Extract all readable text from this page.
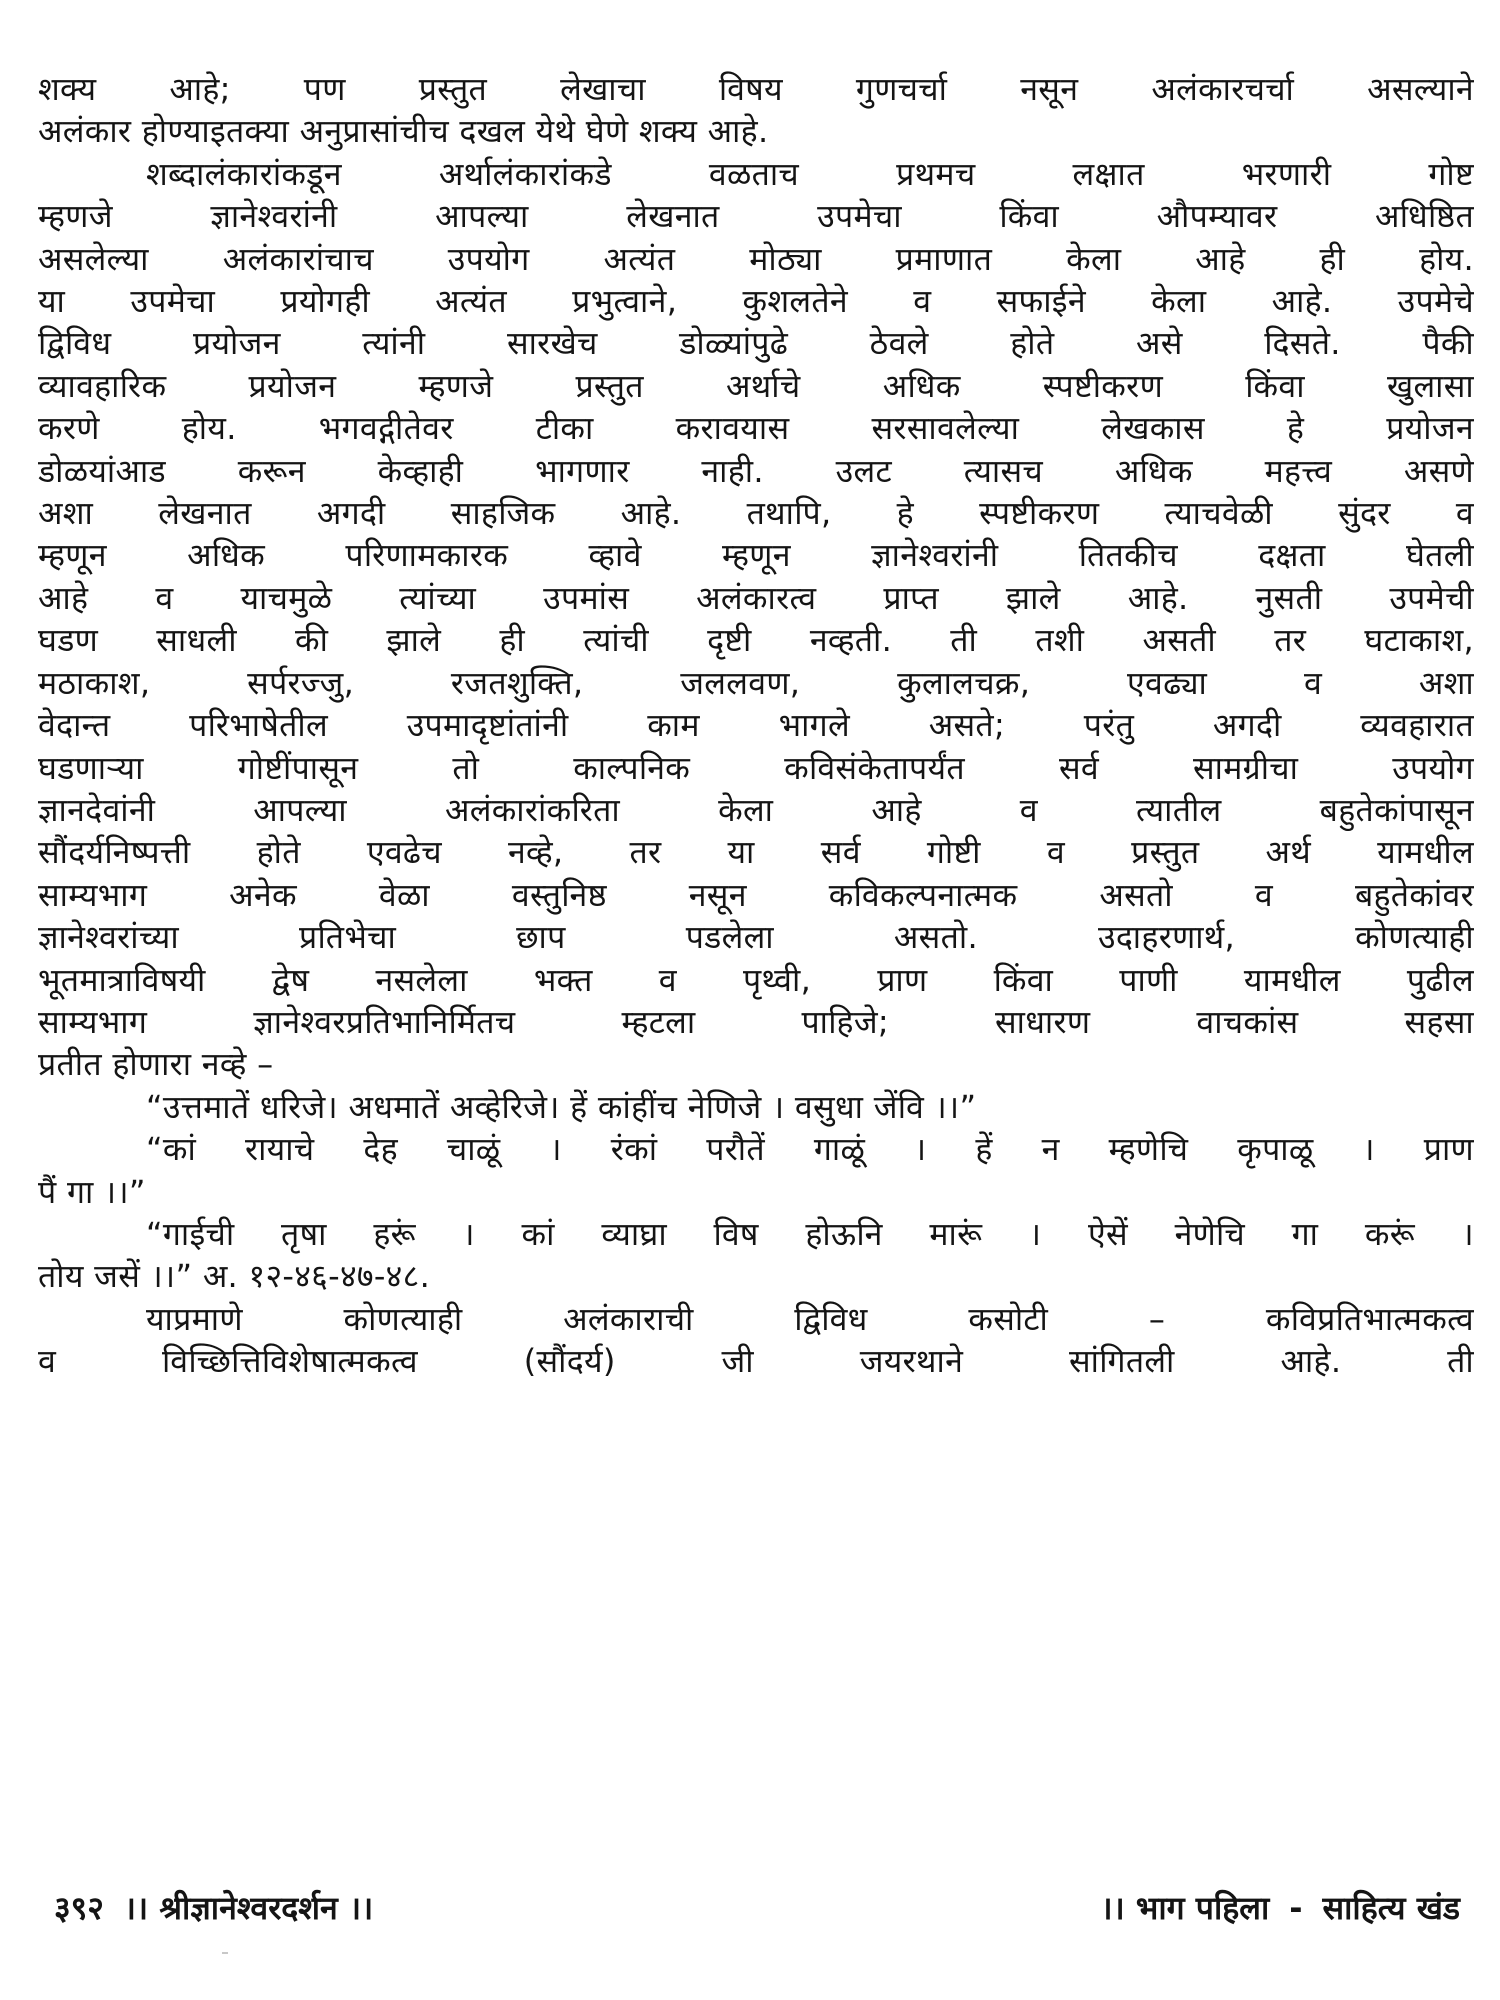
शक्य आहे; पण प्रस्तुत लेखाचा विषय गुणचर्चा नसून अलंकारचर्चा असल्याने
अलंकार होण्याइतक्या अनुप्रासांचीच दखल येथे घेणे शक्य आहे.
शब्दालंकारांकडून अर्थालंकारांकडे वळताच प्रथमच लक्षात भरणारी गोष्ट
म्हणजे ज्ञानेश्वरांनी आपल्या लेखनात उपमेचा किंवा औपम्यावर अधिष्ठित
असलेल्या अलंकारांचाच उपयोग अत्यंत मोठ्या प्रमाणात केला आहे ही होय.
या उपमेचा प्रयोगही अत्यंत प्रभुत्वाने, कुशलतेने व सफाईने केला आहे. उपमेचे
द्विविध प्रयोजन त्यांनी सारखेच डोळ्यांपुढे ठेवले होते असे दिसते. पैकी
व्यावहारिक प्रयोजन म्हणजे प्रस्तुत अर्थाचे अधिक स्पष्टीकरण किंवा खुलासा
करणे होय. भगवद्गीतेवर टीका करावयास सरसावलेल्या लेखकास हे प्रयोजन
डोळयांआड करून केव्हाही भागणार नाही. उलट त्यासच अधिक महत्त्व असणे
अशा लेखनात अगदी साहजिक आहे. तथापि, हे स्पष्टीकरण त्याचवेळी सुंदर व
म्हणून अधिक परिणामकारक व्हावे म्हणून ज्ञानेश्वरांनी तितकीच दक्षता घेतली
आहे व याचमुळे त्यांच्या उपमांस अलंकारत्व प्राप्त झाले आहे. नुसती उपमेची
घडण साधली की झाले ही त्यांची दृष्टी नव्हती. ती तशी असती तर घटाकाश,
मठाकाश, सर्परज्जु, रजतशुक्ति, जललवण, कुलालचक्र, एवढ्या व अशा
वेदान्त परिभाषेतील उपमादृष्टांतांनी काम भागले असते; परंतु अगदी व्यवहारात
घडणाऱ्या गोष्टींपासून तो काल्पनिक कविसंकेतापर्यंत सर्व सामग्रीचा उपयोग
ज्ञानदेवांनी आपल्या अलंकारांकरिता केला आहे व त्यातील बहुतेकांपासून
सौंदर्यनिष्पत्ती होते एवढेच नव्हे, तर या सर्व गोष्टी व प्रस्तुत अर्थ यामधील
साम्यभाग अनेक वेळा वस्तुनिष्ठ नसून कविकल्पनात्मक असतो व बहुतेकांवर
ज्ञानेश्वरांच्या प्रतिभेचा छाप पडलेला असतो. उदाहरणार्थ, कोणत्याही
भूतमात्राविषयी द्वेष नसलेला भक्त व पृथ्वी, प्राण किंवा पाणी यामधील पुढील
साम्यभाग ज्ञानेश्वरप्रतिभानिर्मितच म्हटला पाहिजे; साधारण वाचकांस सहसा
प्रतीत होणारा नव्हे –
“उत्तमातें धरिजे। अधमातें अव्हेरिजे। हें कांहींच नेणिजे । वसुधा जेंवि ।।”
“कां रायाचे देह चाळूं । रंकां परौतें गाळूं । हें न म्हणेचि कृपाळू । प्राण
पैं गा ।।”
“गाईची तृषा हरूं । कां व्याघ्रा विष होऊनि मारूं । ऐसें नेणेचि गा करूं ।
तोय जसें ।।” अ. १२-४६-४७-४८.
याप्रमाणे कोणत्याही अलंकाराची द्विविध कसोटी – कविप्रतिभात्मकत्व
व विच्छित्तिविशेषात्मकत्व (सौंदर्य) जी जयरथाने सांगितली आहे. ती
३९२ ।। श्रीज्ञानेश्वरदर्शन ।।	।। भाग पहिला - साहित्य खंड
